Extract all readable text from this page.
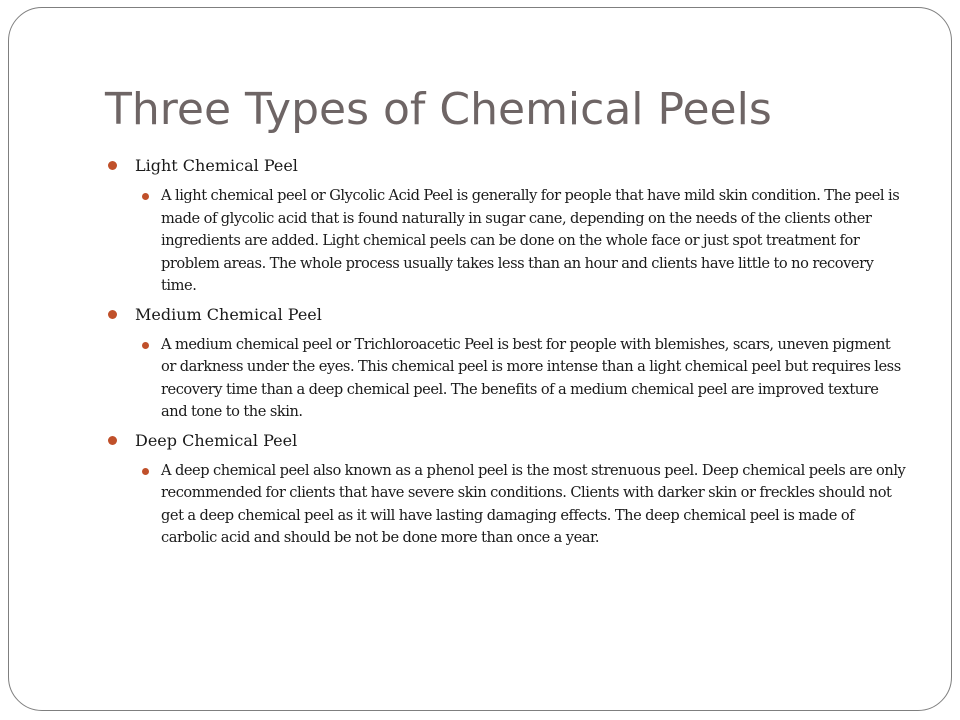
Three Types of Chemical Peels
Light Chemical Peel
A light chemical peel or Glycolic Acid Peel is generally for people that have mild skin condition. The peel is made of glycolic acid that is found naturally in sugar cane, depending on the needs of the clients other ingredients are added. Light chemical peels can be done on the whole face or just spot treatment for problem areas. The whole process usually takes less than an hour and clients have little to no recovery time.
Medium Chemical Peel
A medium chemical peel or Trichloroacetic Peel is best for people with blemishes, scars, uneven pigment or darkness under the eyes. This chemical peel is more intense than a light chemical peel but requires less recovery time than a deep chemical peel. The benefits of a medium chemical peel are improved texture and tone to the skin.
Deep Chemical Peel
A deep chemical peel also known as a phenol peel is the most strenuous peel. Deep chemical peels are only recommended for clients that have severe skin conditions. Clients with darker skin or freckles should not get a deep chemical peel as it will have lasting damaging effects. The deep chemical peel is made of carbolic acid and should be not be done more than once a year.
